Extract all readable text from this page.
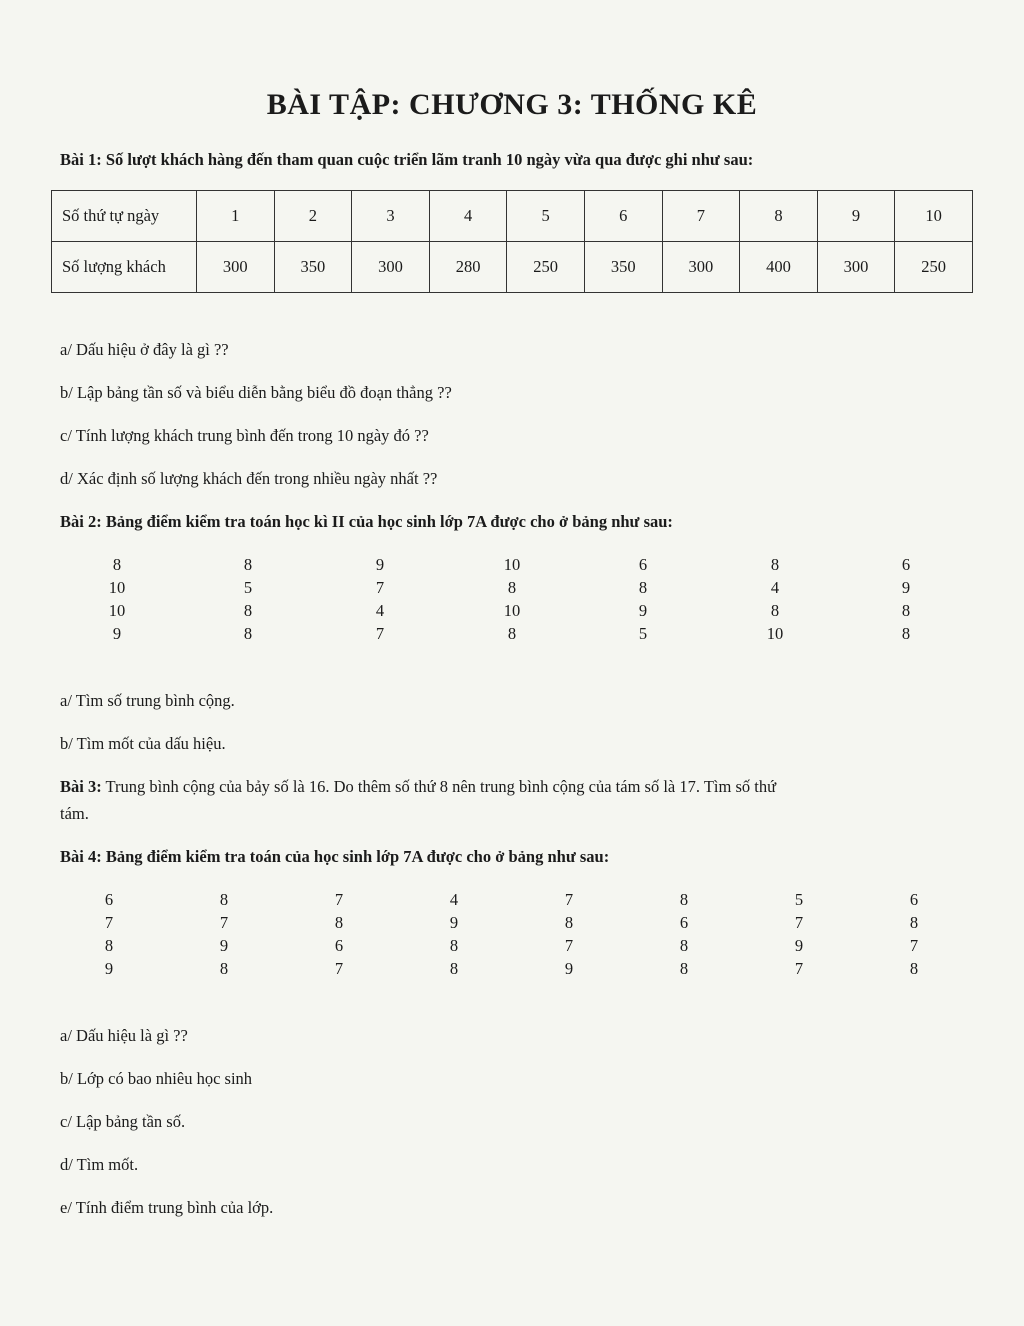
BÀI TẬP: CHƯƠNG 3: THỐNG KÊ
Bài 1: Số lượt khách hàng đến tham quan cuộc triển lãm tranh 10 ngày vừa qua được ghi như sau:
Số thứ tự ngày	1	2	3	4	5	6	7	8	9	10
Số lượng khách	300	350	300	280	250	350	300	400	300	250
a/ Dấu hiệu ở đây là gì ??
b/ Lập bảng tần số và biểu diễn bằng biểu đồ đoạn thẳng ??
c/ Tính lượng khách trung bình đến trong 10 ngày đó ??
d/ Xác định số lượng khách đến trong nhiều ngày nhất ??
Bài 2: Bảng điểm kiểm tra toán học kì II của học sinh lớp 7A được cho ở bảng như sau:
8	8	9	10	6	8	6
10	5	7	8	8	4	9
10	8	4	10	9	8	8
9	8	7	8	5	10	8
a/ Tìm số trung bình cộng.
b/ Tìm mốt của dấu hiệu.
Bài 3: Trung bình cộng của bảy số là 16. Do thêm số thứ 8 nên trung bình cộng của tám số là 17. Tìm số thứ
tám.
Bài 4: Bảng điểm kiểm tra toán của học sinh lớp 7A được cho ở bảng như sau:
6	8	7	4	7	8	5	6
7	7	8	9	8	6	7	8
8	9	6	8	7	8	9	7
9	8	7	8	9	8	7	8
a/ Dấu hiệu là gì ??
b/ Lớp có bao nhiêu học sinh
c/ Lập bảng tần số.
d/ Tìm mốt.
e/ Tính điểm trung bình của lớp.
